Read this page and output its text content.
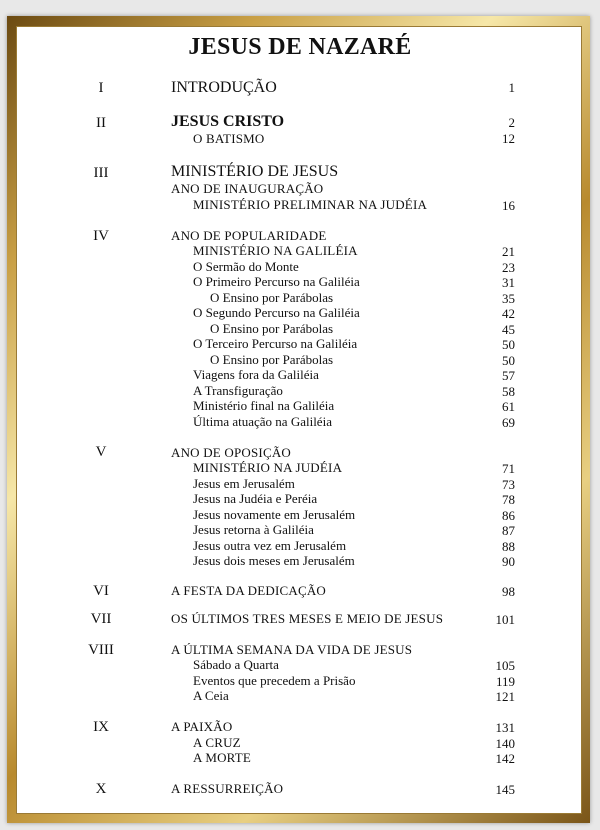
JESUS DE NAZARÉ
I	INTRODUÇÃO	1
II	JESUS CRISTO	2
O BATISMO	12
III	MINISTÉRIO DE JESUS
ANO DE INAUGURAÇÃO
MINISTÉRIO PRELIMINAR NA JUDÉIA	16
IV	ANO DE POPULARIDADE
MINISTÉRIO NA GALILÉIA	21
O Sermão do Monte	23
O Primeiro Percurso na Galiléia	31
O Ensino por Parábolas	35
O Segundo Percurso na Galiléia	42
O Ensino por Parábolas	45
O Terceiro Percurso na Galiléia	50
O Ensino por Parábolas	50
Viagens fora da Galiléia	57
A Transfiguração	58
Ministério final na Galiléia	61
Última atuação na Galiléia	69
V	ANO DE OPOSIÇÃO
MINISTÉRIO NA JUDÉIA	71
Jesus em Jerusalém	73
Jesus na Judéia e Peréia	78
Jesus novamente em Jerusalém	86
Jesus retorna à Galiléia	87
Jesus outra vez em Jerusalém	88
Jesus dois meses em Jerusalém	90
VI	A FESTA DA DEDICAÇÃO	98
VII	OS ÚLTIMOS TRES MESES E MEIO DE JESUS	101
VIII	A ÚLTIMA SEMANA DA VIDA DE JESUS
Sábado a Quarta	105
Eventos que precedem a Prisão	119
A Ceia	121
IX	A PAIXÃO	131
A CRUZ	140
A MORTE	142
X	A RESSURREIÇÃO	145
